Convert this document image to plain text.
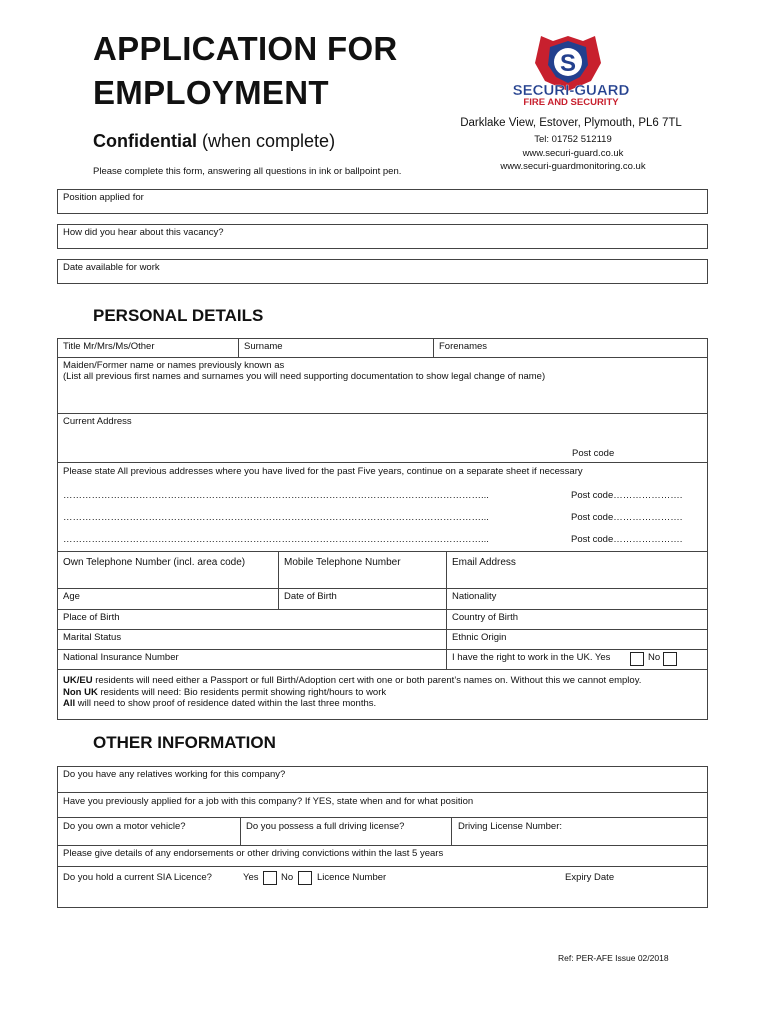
APPLICATION FOR
EMPLOYMENT
Confidential (when complete)
Please complete this form, answering all questions in ink or ballpoint pen.
S
SECURI-GUARD
FIRE AND SECURITY
Darklake View, Estover, Plymouth, PL6 7TL
Tel: 01752 512119
www.securi-guard.co.uk
www.securi-guardmonitoring.co.uk
Position applied for
How did you hear about this vacancy?
Date available for work
PERSONAL DETAILS
Title Mr/Mrs/Ms/Other	Surname	Forenames
Maiden/Former name or names previously known as
(List all previous first names and surnames you will need supporting documentation to show legal change of name)
Current Address
Post code
Please state All previous addresses where you have lived for the past Five years, continue on a separate sheet if necessary
……………………………………………………………………………………………………………………...	Post code………………….
……………………………………………………………………………………………………………………...	Post code………………….
……………………………………………………………………………………………………………………...	Post code………………….
Own Telephone Number (incl. area code)	Mobile Telephone Number	Email Address
Age	Date of Birth	Nationality
Place of Birth	Country of Birth
Marital Status	Ethnic Origin
National Insurance Number	I have the right to work in the UK. Yes	No
UK/EU residents will need either a Passport or full Birth/Adoption cert with one or both parent’s names on. Without this we cannot employ.
Non UK residents will need: Bio residents permit showing right/hours to work
All will need to show proof of residence dated within the last three months.
OTHER INFORMATION
Do you have any relatives working for this company?
Have you previously applied for a job with this company? If YES, state when and for what position
Do you own a motor vehicle?	Do you possess a full driving license?	Driving License Number:
Please give details of any endorsements or other driving convictions within the last 5 years
Do you hold a current SIA Licence?	Yes No	Licence Number	Expiry Date
Ref: PER-AFE Issue 02/2018
